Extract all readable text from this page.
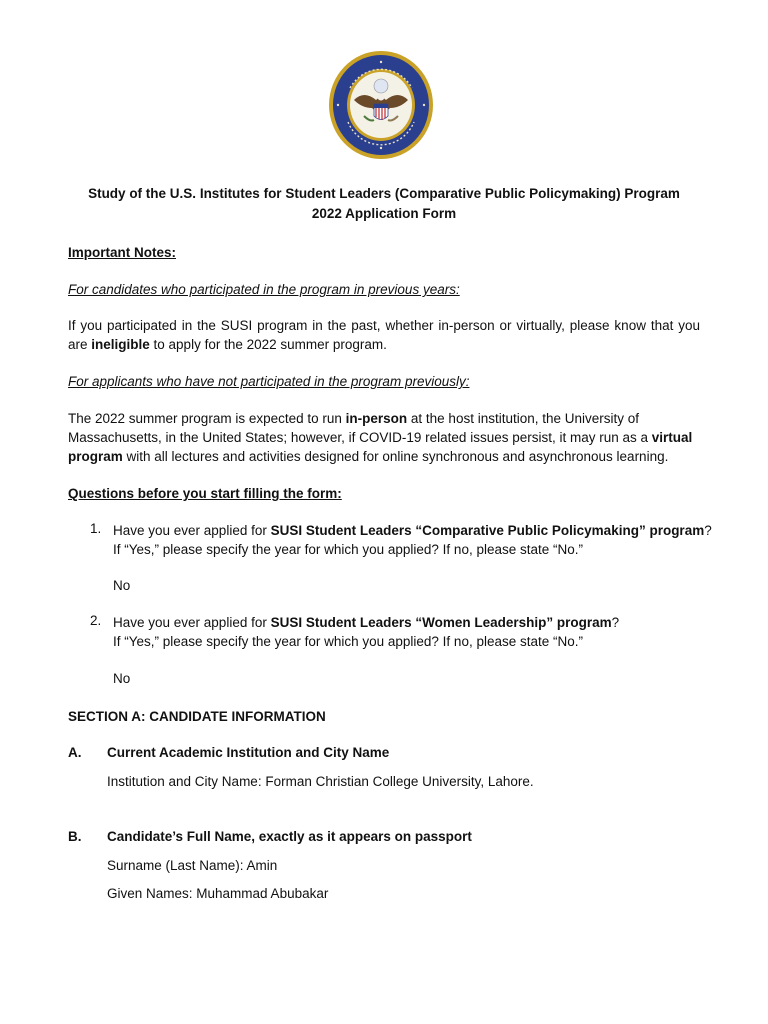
Study of the U.S. Institutes for Student Leaders (Comparative Public Policymaking) Program
2022 Application Form
Important Notes:
For candidates who participated in the program in previous years:
If you participated in the SUSI program in the past, whether in-person or virtually, please know that you are ineligible to apply for the 2022 summer program.
For applicants who have not participated in the program previously:
The 2022 summer program is expected to run in-person at the host institution, the University of Massachusetts, in the United States; however, if COVID-19 related issues persist, it may run as a virtual program with all lectures and activities designed for online synchronous and asynchronous learning.
Questions before you start filling the form:
1. Have you ever applied for SUSI Student Leaders “Comparative Public Policymaking” program?
If “Yes,” please specify the year for which you applied? If no, please state “No.”
No
2. Have you ever applied for SUSI Student Leaders “Women Leadership” program?
If “Yes,” please specify the year for which you applied? If no, please state “No.”
No
SECTION A: CANDIDATE INFORMATION
A. Current Academic Institution and City Name
Institution and City Name: Forman Christian College University, Lahore.
B. Candidate’s Full Name, exactly as it appears on passport
Surname (Last Name): Amin
Given Names: Muhammad Abubakar
